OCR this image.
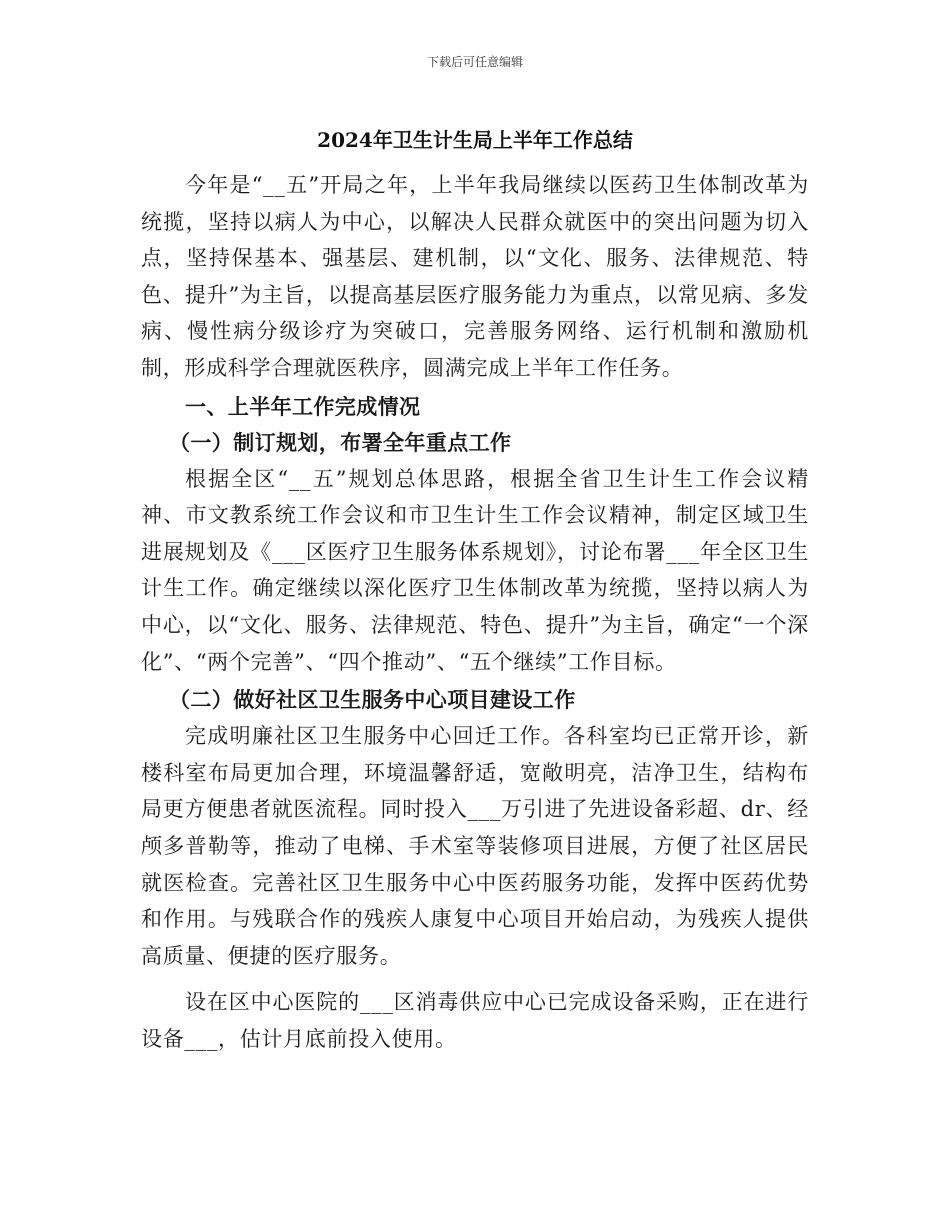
下载后可任意编辑
2024年卫生计生局上半年工作总结

今年是“__五”开局之年，上半年我局继续以医药卫生体制改革为统揽，坚持以病人为中心，以解决人民群众就医中的突出问题为切入点，坚持保基本、强基层、建机制，以“文化、服务、法律规范、特色、提升”为主旨，以提高基层医疗服务能力为重点，以常见病、多发病、慢性病分级诊疗为突破口，完善服务网络、运行机制和激励机制，形成科学合理就医秩序，圆满完成上半年工作任务。

一、上半年工作完成情况

（一）制订规划，布署全年重点工作

根据全区“__五”规划总体思路，根据全省卫生计生工作会议精神、市文教系统工作会议和市卫生计生工作会议精神，制定区域卫生进展规划及《___区医疗卫生服务体系规划》，讨论布署___年全区卫生计生工作。确定继续以深化医疗卫生体制改革为统揽，坚持以病人为中心，以“文化、服务、法律规范、特色、提升”为主旨，确定“一个深化”、“两个完善”、“四个推动”、“五个继续”工作目标。

（二）做好社区卫生服务中心项目建设工作

完成明廉社区卫生服务中心回迁工作。各科室均已正常开诊，新楼科室布局更加合理，环境温馨舒适，宽敞明亮，洁净卫生，结构布局更方便患者就医流程。同时投入___万引进了先进设备彩超、dr、经颅多普勒等，推动了电梯、手术室等装修项目进展，方便了社区居民就医检查。完善社区卫生服务中心中医药服务功能，发挥中医药优势和作用。与残联合作的残疾人康复中心项目开始启动，为残疾人提供高质量、便捷的医疗服务。

设在区中心医院的___区消毒供应中心已完成设备采购，正在进行设备___，估计月底前投入使用。
